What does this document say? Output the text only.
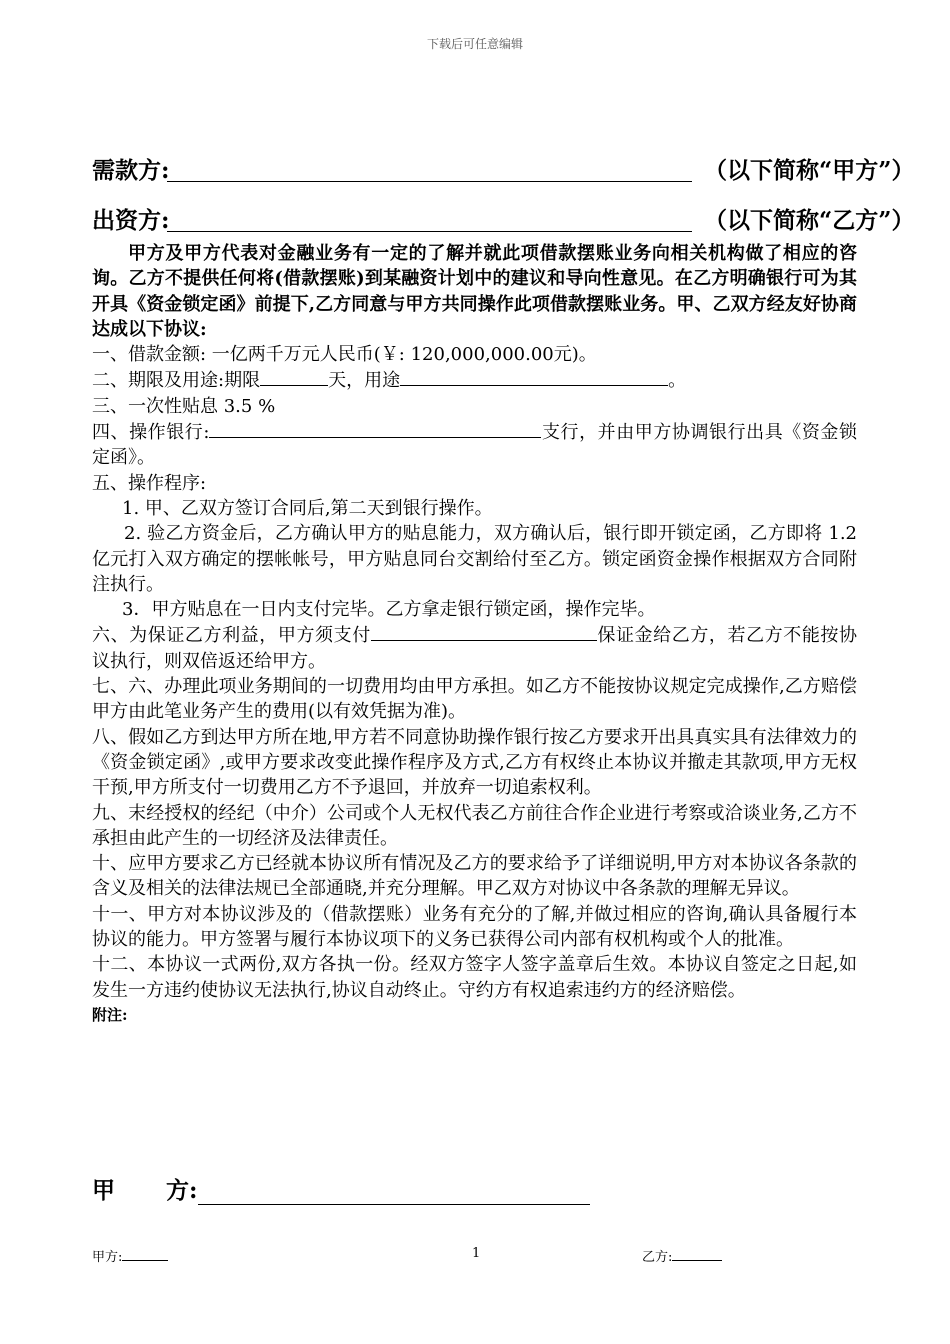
下载后可任意编辑
需款方:	（以下简称“甲方”）
出资方:	（以下简称“乙方”）

甲方及甲方代表对金融业务有一定的了解并就此项借款摆账业务向相关机构做了相应的咨询。乙方不提供任何将(借款摆账)到某融资计划中的建议和导向性意见。在乙方明确银行可为其开具《资金锁定函》前提下,乙方同意与甲方共同操作此项借款摆账业务。甲、乙双方经友好协商达成以下协议:

一、借款金额: 一亿两千万元人民币(￥: 120,000,000.00元)。

二、期限及用途:期限	天，用途	。

三、一次性贴息 3.5 %

四、操作银行:	支行，并由甲方协调银行出具《资金锁定函》。

五、操作程序:

1. 甲、乙双方签订合同后,第二天到银行操作。

2. 验乙方资金后，乙方确认甲方的贴息能力，双方确认后，银行即开锁定函，乙方即将 1.2 亿元打入双方确定的摆帐帐号，甲方贴息同台交割给付至乙方。锁定函资金操作根据双方合同附注执行。

3．甲方贴息在一日内支付完毕。乙方拿走银行锁定函，操作完毕。

六、为保证乙方利益，甲方须支付	保证金给乙方，若乙方不能按协议执行，则双倍返还给甲方。

七、六、办理此项业务期间的一切费用均由甲方承担。如乙方不能按协议规定完成操作,乙方赔偿甲方由此笔业务产生的费用(以有效凭据为准)。

八、假如乙方到达甲方所在地,甲方若不同意协助操作银行按乙方要求开出具真实具有法律效力的《资金锁定函》,或甲方要求改变此操作程序及方式,乙方有权终止本协议并撤走其款项,甲方无权干预,甲方所支付一切费用乙方不予退回，并放弃一切追索权利。

九、末经授权的经纪（中介）公司或个人无权代表乙方前往合作企业进行考察或洽谈业务,乙方不承担由此产生的一切经济及法律责任。

十、应甲方要求乙方已经就本协议所有情况及乙方的要求给予了详细说明,甲方对本协议各条款的含义及相关的法律法规已全部通晓,并充分理解。甲乙双方对协议中各条款的理解无异议。

十一、甲方对本协议涉及的（借款摆账）业务有充分的了解,并做过相应的咨询,确认具备履行本协议的能力。甲方签署与履行本协议项下的义务已获得公司内部有权机构或个人的批准。

十二、本协议一式两份,双方各执一份。经双方签字人签字盖章后生效。本协议自签定之日起,如发生一方违约使协议无法执行,协议自动终止。守约方有权追索违约方的经济赔偿。

附注:

甲 方:
甲方:	1	乙方:
